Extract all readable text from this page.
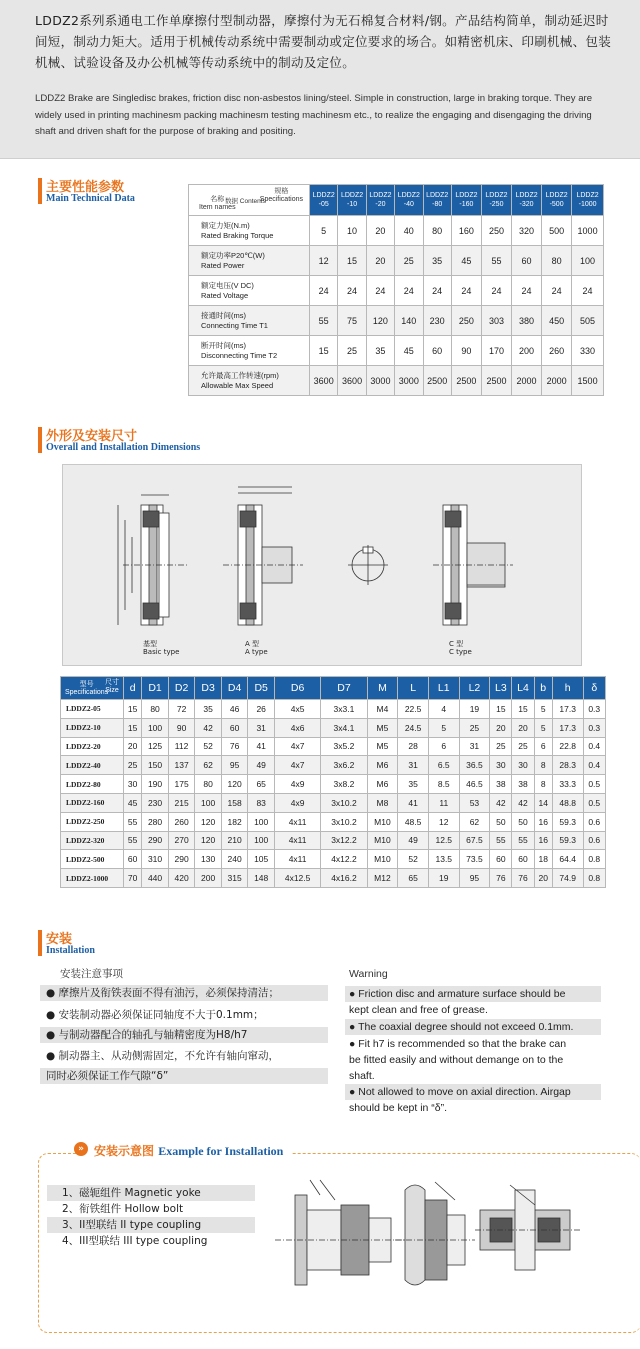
LDDZ2系列系通电工作单摩擦付型制动器，摩擦付为无石棉复合材料/钢。产品结构简单，制动延迟时间短，制动力矩大。适用于机械传动系统中需要制动或定位要求的场合。如精密机床、印刷机械、包装机械、试验设备及办公机械等传动系统中的制动及定位。
LDDZ2 Brake are Singledisc brakes, friction disc non-asbestos lining/steel. Simple in construction, large in braking torque. They are widely used in printing machinesm packing machinesm testing machinesm etc., to realize the engaging and disengaging the driving shaft and driven shaft for the purpose of braking and positing.
主要性能参数
Main Technical Data
规格
Specifications
数据 Contents
名称
Item names	LDDZ2 -05	LDDZ2 -10	LDDZ2 -20	LDDZ2 -40	LDDZ2 -80	LDDZ2 -160	LDDZ2 -250	LDDZ2 -320	LDDZ2 -500	LDDZ2 -1000
额定力矩(N.m)
Rated Braking Torque	5	10	20	40	80	160	250	320	500	1000
额定功率P20℃(W)
Rated Power	12	15	20	25	35	45	55	60	80	100
额定电压(V DC)
Rated Voltage	24	24	24	24	24	24	24	24	24	24
接通时间(ms)
Connecting Time T1	55	75	120	140	230	250	303	380	450	505
断开时间(ms)
Disconnecting Time T2	15	25	35	45	60	90	170	200	260	330
允许最高工作转速(rpm)
Allowable Max Speed	3600	3600	3000	3000	2500	2500	2500	2000	2000	1500
外形及安装尺寸
Overall and Installation Dimensions
基型
Basic type
A 型
A type
C 型
C type
尺寸
Size
型号
Specifications	d	D1	D2	D3	D4	D5	D6	D7	M	L	L1	L2	L3	L4	b	h	δ
LDDZ2-05	15	80	72	35	46	26	4x5	3x3.1	M4	22.5	4	19	15	15	5	17.3	0.3
LDDZ2-10	15	100	90	42	60	31	4x6	3x4.1	M5	24.5	5	25	20	20	5	17.3	0.3
LDDZ2-20	20	125	112	52	76	41	4x7	3x5.2	M5	28	6	31	25	25	6	22.8	0.4
LDDZ2-40	25	150	137	62	95	49	4x7	3x6.2	M6	31	6.5	36.5	30	30	8	28.3	0.4
LDDZ2-80	30	190	175	80	120	65	4x9	3x8.2	M6	35	8.5	46.5	38	38	8	33.3	0.5
LDDZ2-160	45	230	215	100	158	83	4x9	3x10.2	M8	41	11	53	42	42	14	48.8	0.5
LDDZ2-250	55	280	260	120	182	100	4x11	3x10.2	M10	48.5	12	62	50	50	16	59.3	0.6
LDDZ2-320	55	290	270	120	210	100	4x11	3x12.2	M10	49	12.5	67.5	55	55	16	59.3	0.6
LDDZ2-500	60	310	290	130	240	105	4x11	4x12.2	M10	52	13.5	73.5	60	60	18	64.4	0.8
LDDZ2-1000	70	440	420	200	315	148	4x12.5	4x16.2	M12	65	19	95	76	76	20	74.9	0.8
安装
Installation
安装注意事项
● 摩擦片及衔铁表面不得有油污，必须保持清洁；
● 安装制动器必须保证同轴度不大于0.1mm；
● 与制动器配合的轴孔与轴精密度为H8/h7
● 制动器主、从动侧需固定，不允许有轴向窜动，
同时必须保证工作气隙“δ”
Warning
● Friction disc and armature surface should be
kept clean and free of grease.
● The coaxial degree should not exceed 0.1mm.
● Fit h7 is recommended so that the brake can
be fitted easily and without demange on to the
shaft.
● Not allowed to move on axial direction. Airgap
should be kept in “δ”.
» 安装示意图 Example for Installation
1、磁轭组件 Magnetic yoke
2、衔铁组件 Hollow bolt
3、II型联结 II type coupling
4、III型联结 III type coupling
